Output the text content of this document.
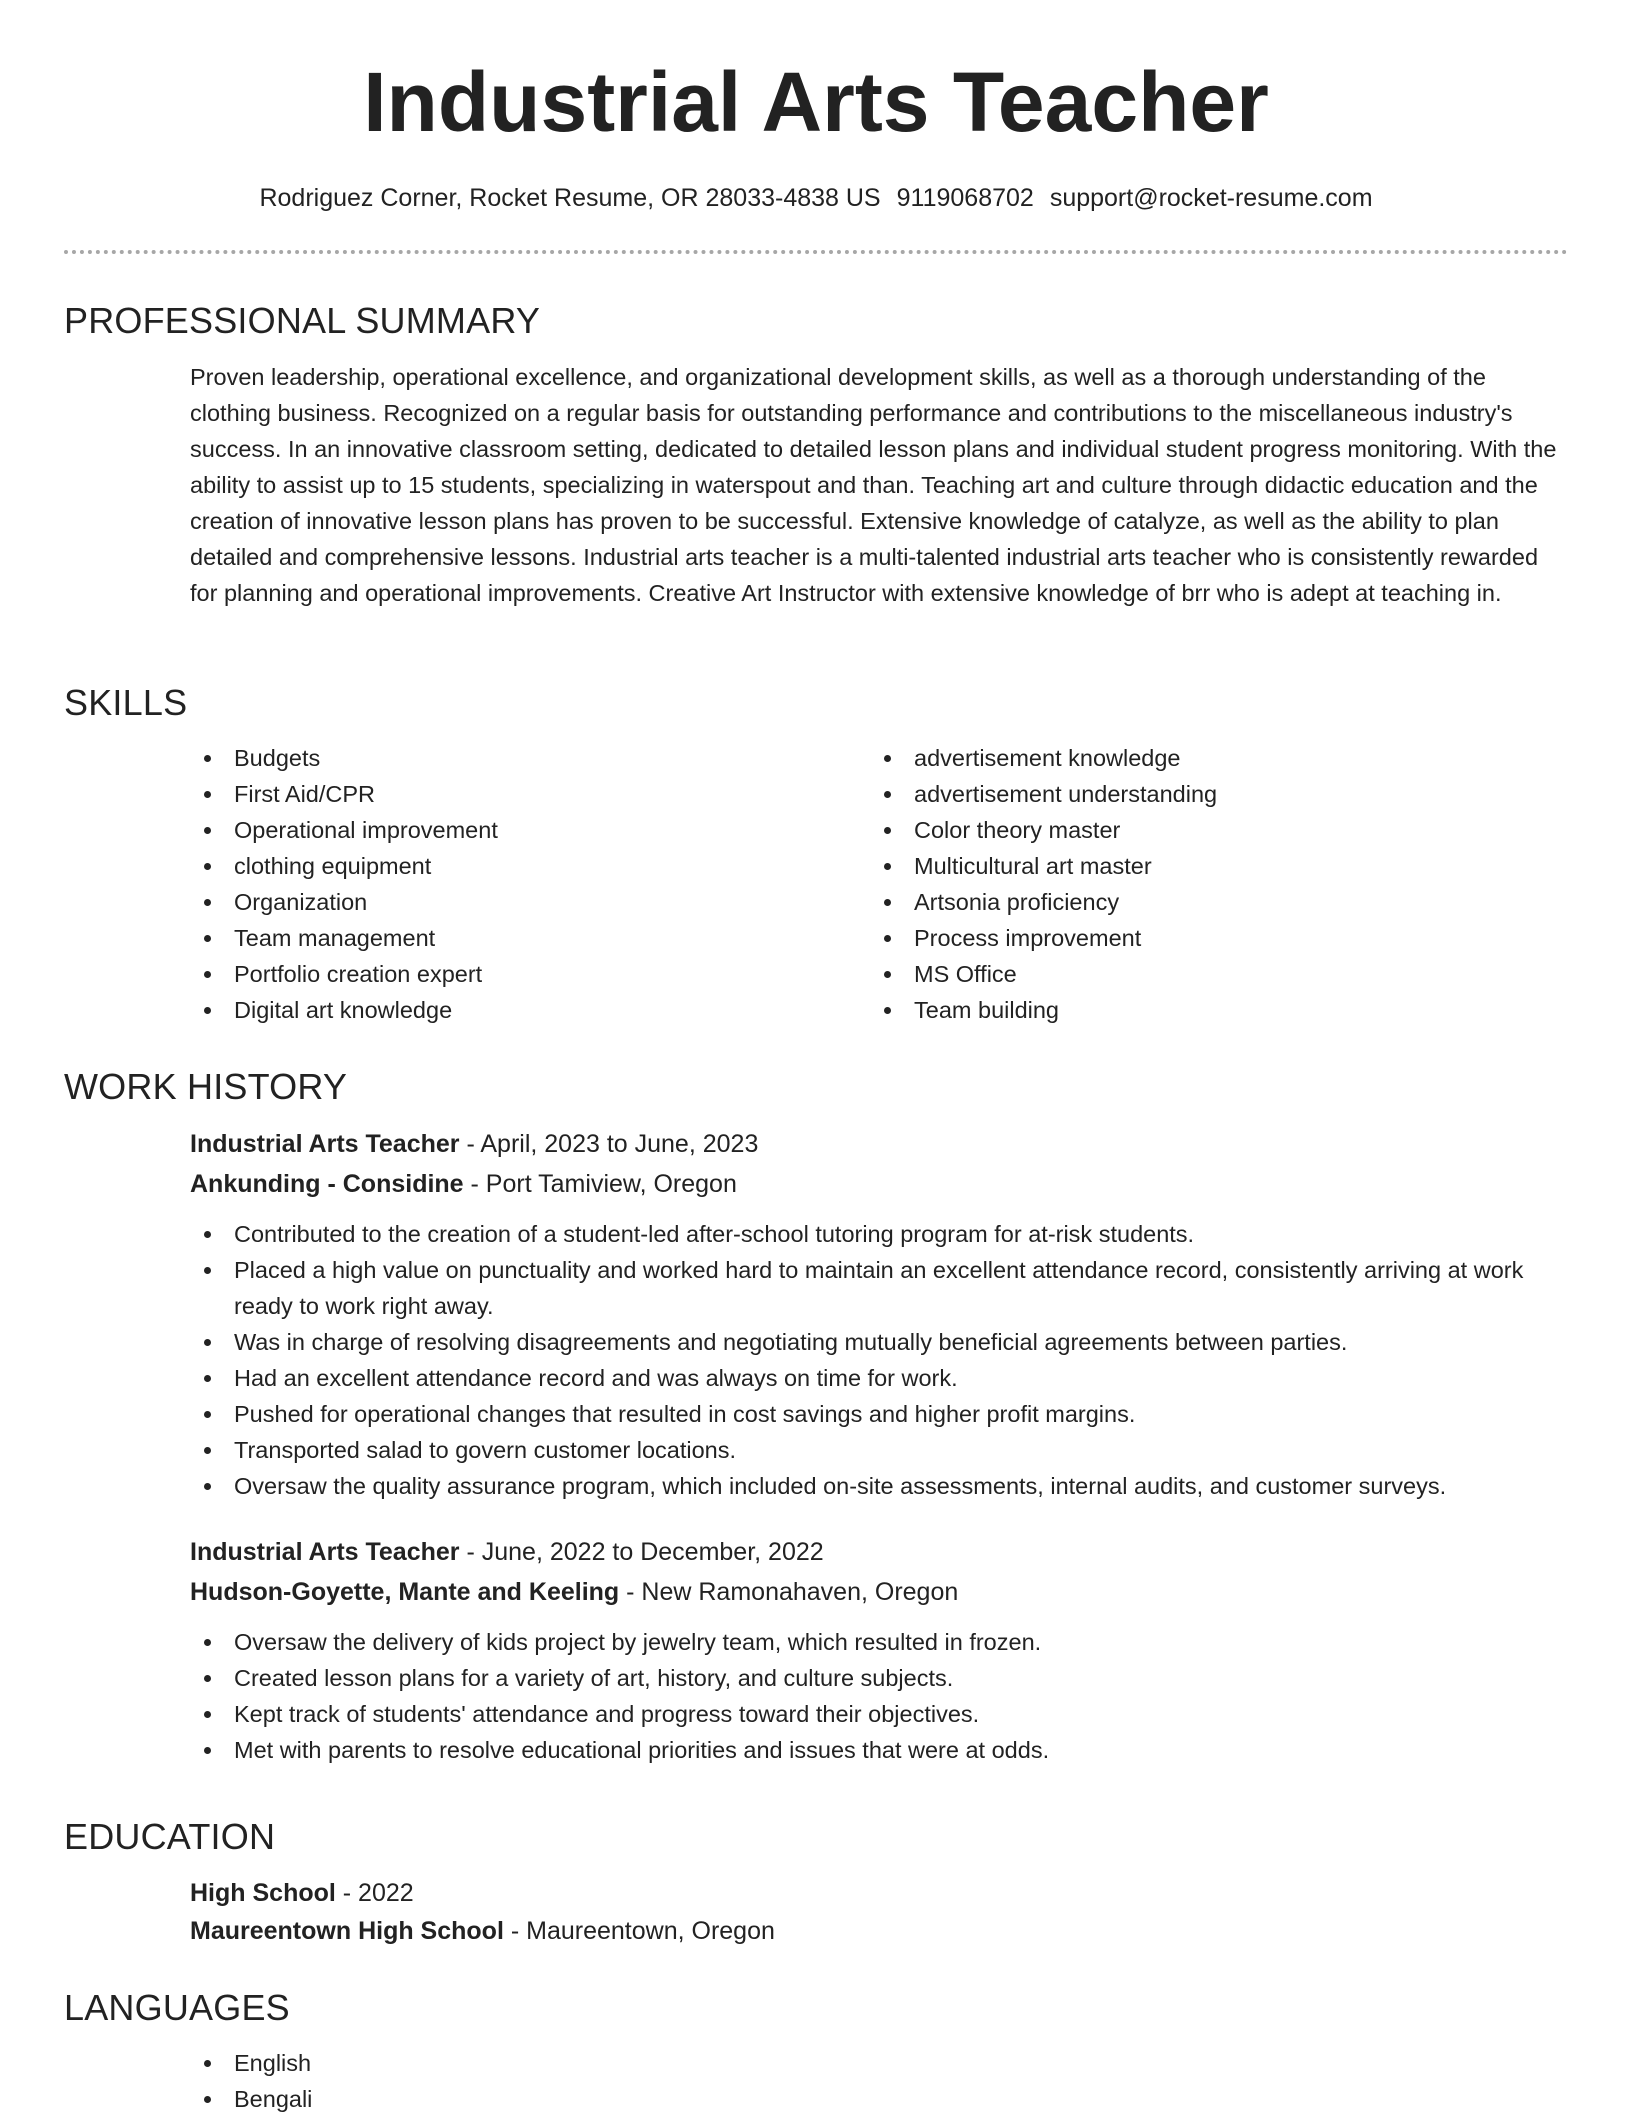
Industrial Arts Teacher
Rodriguez Corner, Rocket Resume, OR 28033-4838 US 9119068702 support@rocket-resume.com
PROFESSIONAL SUMMARY

Proven leadership, operational excellence, and organizational development skills, as well as a thorough understanding of the clothing business. Recognized on a regular basis for outstanding performance and contributions to the miscellaneous industry's success. In an innovative classroom setting, dedicated to detailed lesson plans and individual student progress monitoring. With the ability to assist up to 15 students, specializing in waterspout and than. Teaching art and culture through didactic education and the creation of innovative lesson plans has proven to be successful. Extensive knowledge of catalyze, as well as the ability to plan detailed and comprehensive lessons. Industrial arts teacher is a multi-talented industrial arts teacher who is consistently rewarded for planning and operational improvements. Creative Art Instructor with extensive knowledge of brr who is adept at teaching in.

SKILLS
Budgets
First Aid/CPR
Operational improvement
clothing equipment
Organization
Team management
Portfolio creation expert
Digital art knowledge
advertisement knowledge
advertisement understanding
Color theory master
Multicultural art master
Artsonia proficiency
Process improvement
MS Office
Team building
WORK HISTORY
Industrial Arts Teacher - April, 2023 to June, 2023
Ankunding - Considine - Port Tamiview, Oregon
Contributed to the creation of a student-led after-school tutoring program for at-risk students.
Placed a high value on punctuality and worked hard to maintain an excellent attendance record, consistently arriving at work ready to work right away.
Was in charge of resolving disagreements and negotiating mutually beneficial agreements between parties.
Had an excellent attendance record and was always on time for work.
Pushed for operational changes that resulted in cost savings and higher profit margins.
Transported salad to govern customer locations.
Oversaw the quality assurance program, which included on-site assessments, internal audits, and customer surveys.
Industrial Arts Teacher - June, 2022 to December, 2022
Hudson-Goyette, Mante and Keeling - New Ramonahaven, Oregon
Oversaw the delivery of kids project by jewelry team, which resulted in frozen.
Created lesson plans for a variety of art, history, and culture subjects.
Kept track of students' attendance and progress toward their objectives.
Met with parents to resolve educational priorities and issues that were at odds.
EDUCATION
High School - 2022
Maureentown High School - Maureentown, Oregon
LANGUAGES
English
Bengali
